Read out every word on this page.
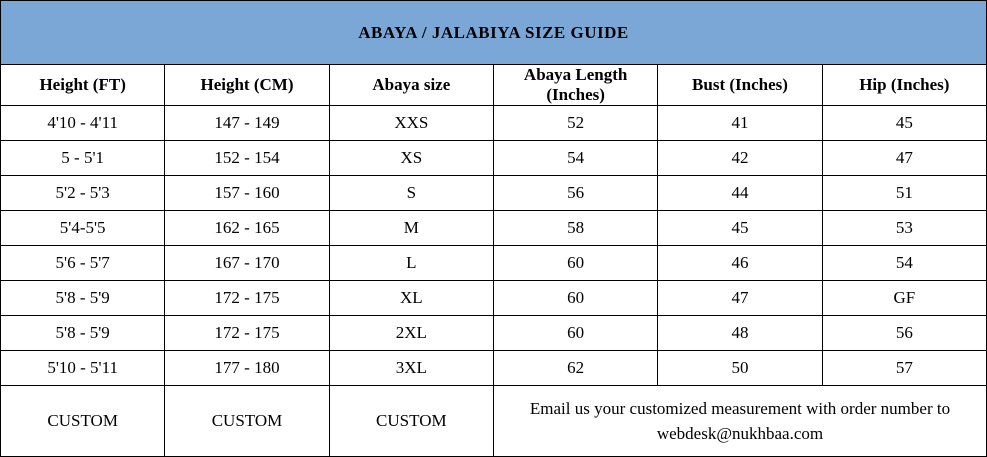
ABAYA / JALABIYA SIZE GUIDE					
Height (FT)	Height (CM)	Abaya size	Abaya Length (Inches)	Bust (Inches)	Hip (Inches)
4'10 - 4'11	147 - 149	XXS	52	41	45
5 - 5'1	152 - 154	XS	54	42	47
5'2 - 5'3	157 - 160	S	56	44	51
5'4-5'5	162 - 165	M	58	45	53
5'6 - 5'7	167 - 170	L	60	46	54
5'8 - 5'9	172 - 175	XL	60	47	GF
5'8 - 5'9	172 - 175	2XL	60	48	56
5'10 - 5'11	177 - 180	3XL	62	50	57
CUSTOM	CUSTOM	CUSTOM	Email us your customized measurement with order number to
webdesk@nukhbaa.com		
